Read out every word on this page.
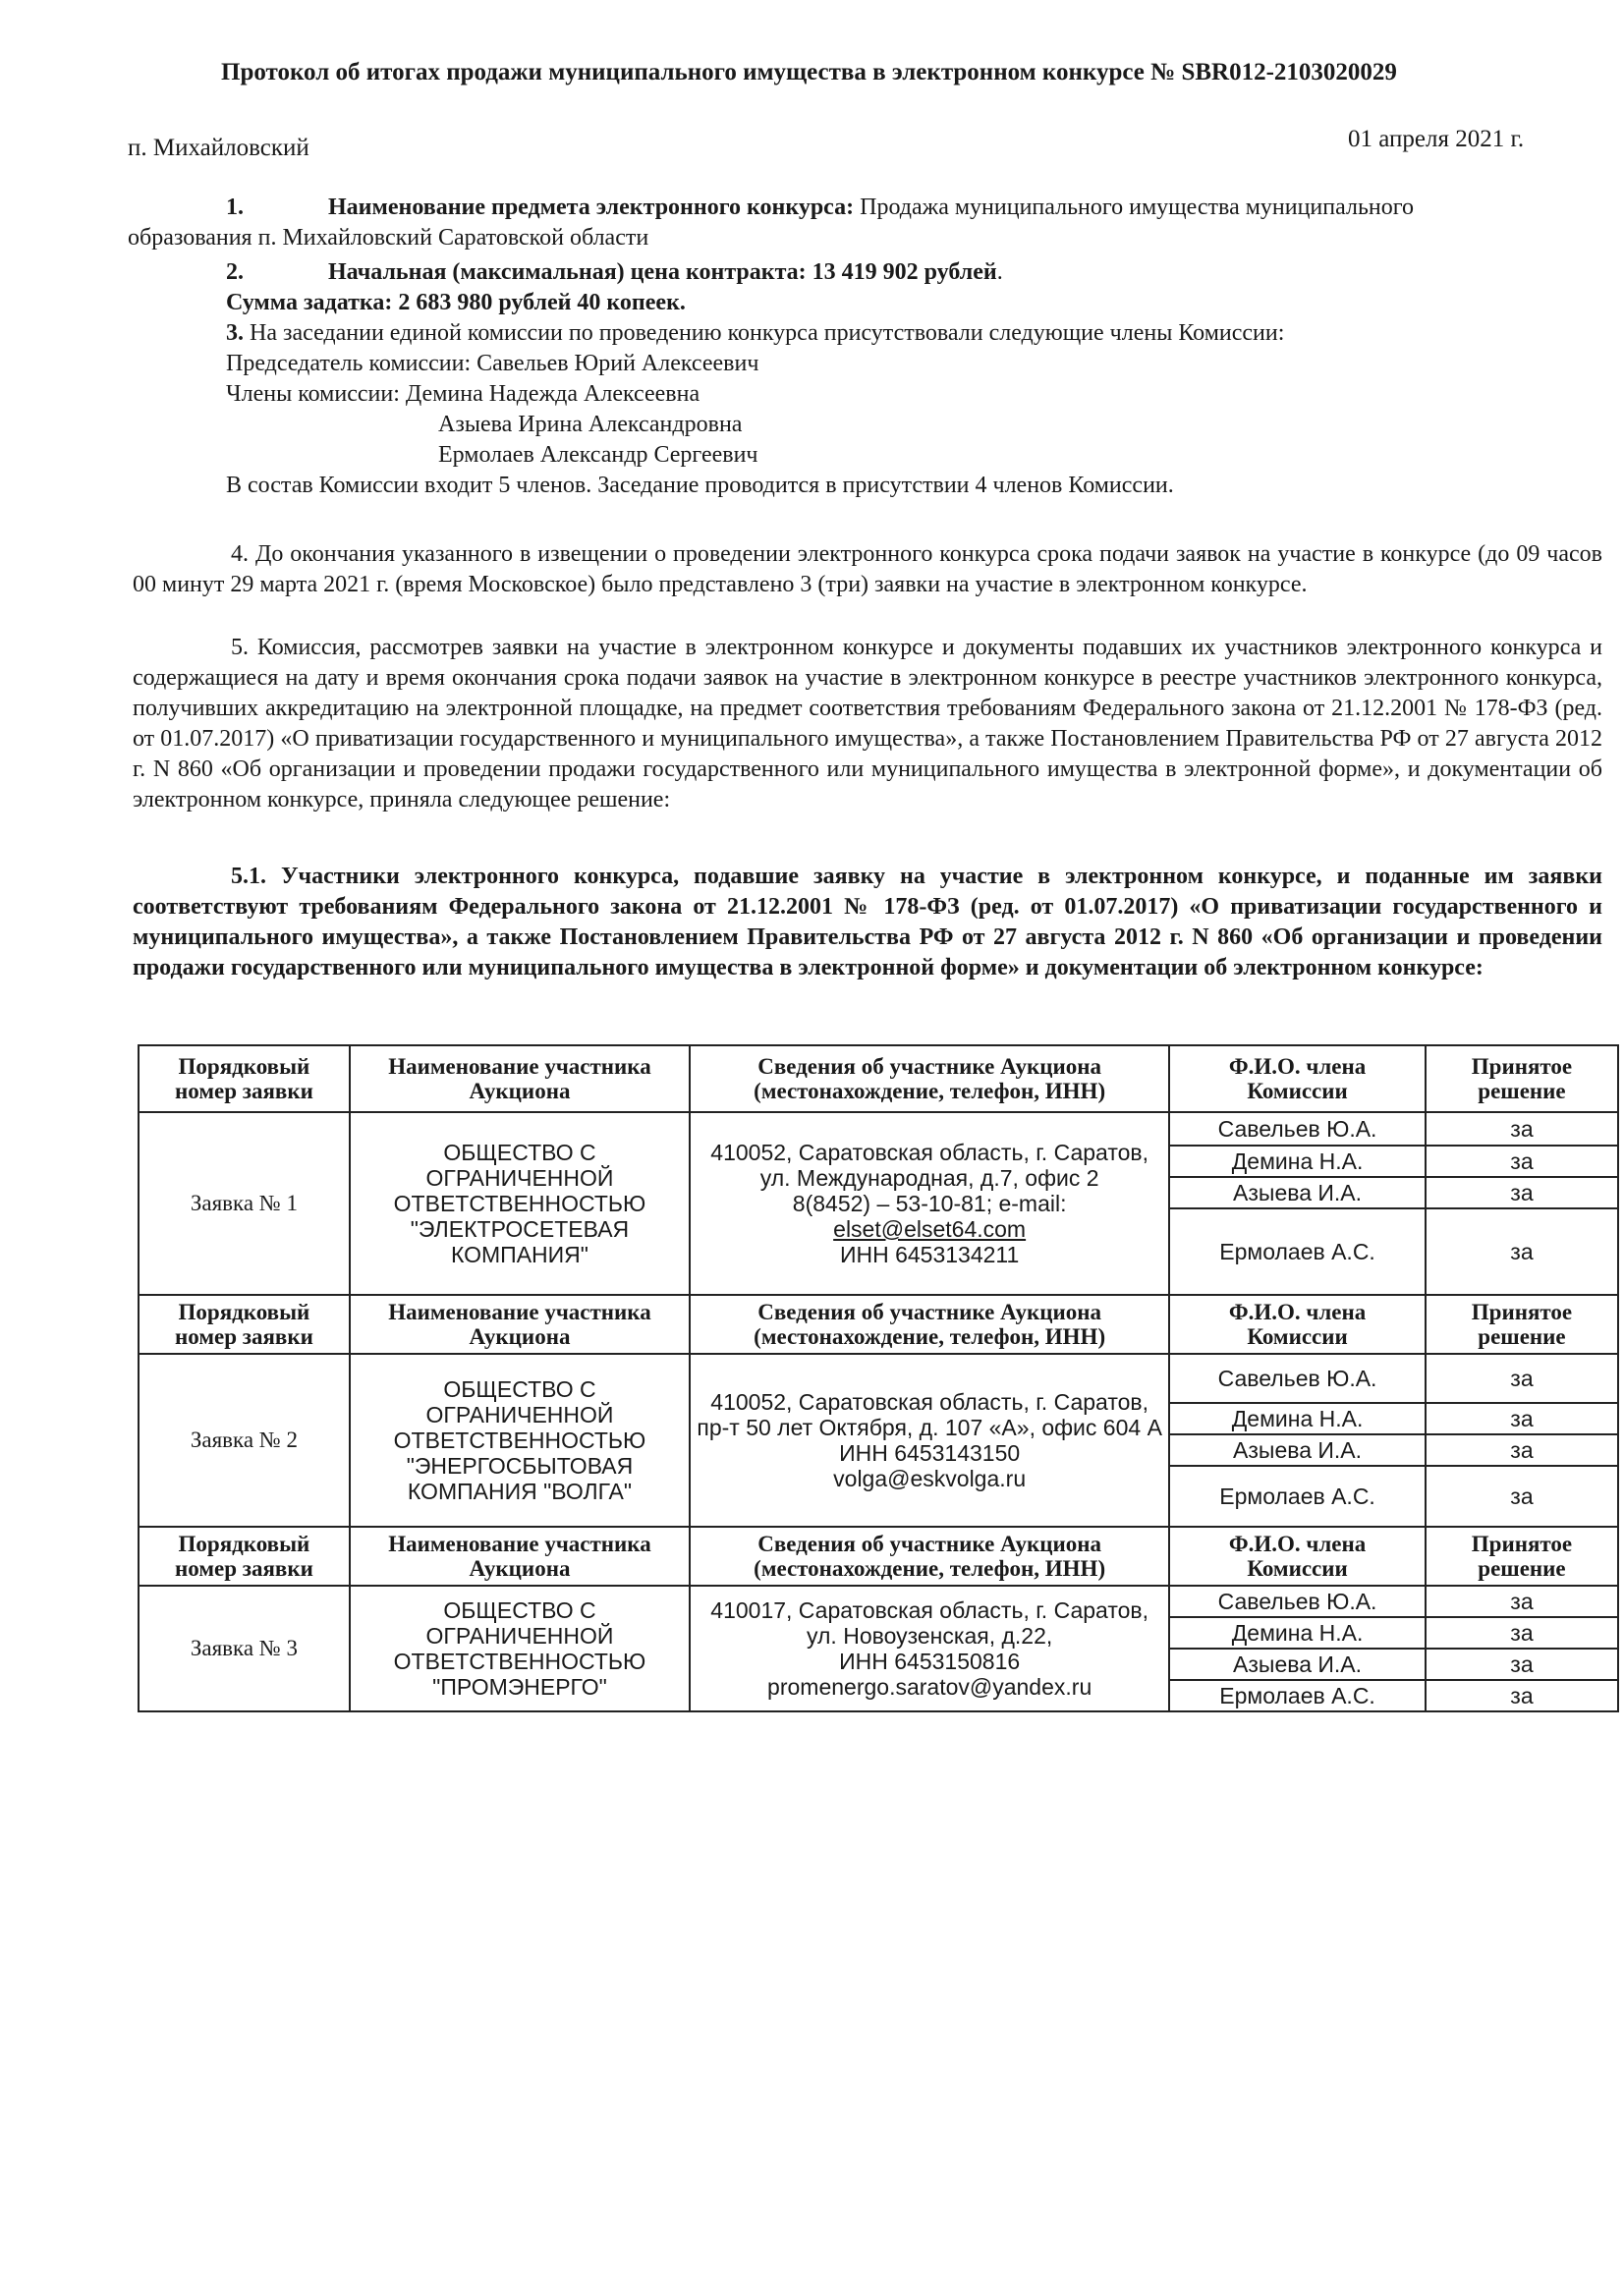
Протокол об итогах продажи муниципального имущества в электронном конкурсе № SBR012-2103020029
п. Михайловский	01 апреля 2021 г.
1.	Наименование предмета электронного конкурса: Продажа муниципального имущества муниципального
образования п. Михайловский Саратовской области
2.	Начальная (максимальная) цена контракта: 13 419 902 рублей.
Сумма задатка: 2 683 980 рублей 40 копеек.
3. На заседании единой комиссии по проведению конкурса присутствовали следующие члены Комиссии:
Председатель комиссии: Савельев Юрий Алексеевич
Члены комиссии: Демина Надежда Алексеевна
Азыева Ирина Александровна
Ермолаев Александр Сергеевич
В состав Комиссии входит 5 членов. Заседание проводится в присутствии 4 членов Комиссии.
4. До окончания указанного в извещении о проведении электронного конкурса срока подачи заявок на участие в конкурсе (до 09 часов 00 минут 29 марта 2021 г. (время Московское) было представлено 3 (три) заявки на участие в электронном конкурсе.
5. Комиссия, рассмотрев заявки на участие в электронном конкурсе и документы подавших их участников электронного конкурса и содержащиеся на дату и время окончания срока подачи заявок на участие в электронном конкурсе в реестре участников электронного конкурса, получивших аккредитацию на электронной площадке, на предмет соответствия требованиям Федерального закона от 21.12.2001 № 178-ФЗ (ред. от 01.07.2017) «О приватизации государственного и муниципального имущества», а также Постановлением Правительства РФ от 27 августа 2012 г. N 860 «Об организации и проведении продажи государственного или муниципального имущества в электронной форме», и документации об электронном конкурсе, приняла следующее решение:
5.1. Участники электронного конкурса, подавшие заявку на участие в электронном конкурсе, и поданные им заявки соответствуют требованиям Федерального закона от 21.12.2001 № 178-ФЗ (ред. от 01.07.2017) «О приватизации государственного и муниципального имущества», а также Постановлением Правительства РФ от 27 августа 2012 г. N 860 «Об организации и проведении продажи государственного или муниципального имущества в электронной форме» и документации об электронном конкурсе:
Порядковый номер заявки	Наименование участника Аукциона	Сведения об участнике Аукциона (местонахождение, телефон, ИНН)	Ф.И.О. члена Комиссии	Принятое решение
Заявка № 1	ОБЩЕСТВО С ОГРАНИЧЕННОЙ ОТВЕТСТВЕННОСТЬЮ "ЭЛЕКТРОСЕТЕВАЯ КОМПАНИЯ"	410052, Саратовская область, г. Саратов, ул. Международная, д.7, офис 2
8(8452) – 53-10-81; e-mail:
elset@elset64.com
ИНН 6453134211	Савельев Ю.А.	за
			Демина Н.А.	за
			Азыева И.А.	за
			Ермолаев А.С.	за
Порядковый номер заявки	Наименование участника Аукциона	Сведения об участнике Аукциона (местонахождение, телефон, ИНН)	Ф.И.О. члена Комиссии	Принятое решение
Заявка № 2	ОБЩЕСТВО С ОГРАНИЧЕННОЙ ОТВЕТСТВЕННОСТЬЮ "ЭНЕРГОСБЫТОВАЯ КОМПАНИЯ "ВОЛГА"	410052, Саратовская область, г. Саратов,
пр-т 50 лет Октября, д. 107 «А», офис 604 А
ИНН 6453143150
volga@eskvolga.ru	Савельев Ю.А.	за
			Демина Н.А.	за
			Азыева И.А.	за
			Ермолаев А.С.	за
Порядковый номер заявки	Наименование участника Аукциона	Сведения об участнике Аукциона (местонахождение, телефон, ИНН)	Ф.И.О. члена Комиссии	Принятое решение
Заявка № 3	ОБЩЕСТВО С ОГРАНИЧЕННОЙ ОТВЕТСТВЕННОСТЬЮ "ПРОМЭНЕРГО"	410017, Саратовская область, г. Саратов, ул. Новоузенская, д.22,
ИНН 6453150816
promenergo.saratov@yandex.ru	Савельев Ю.А.	за
			Демина Н.А.	за
			Азыева И.А.	за
			Ермолаев А.С.	за
